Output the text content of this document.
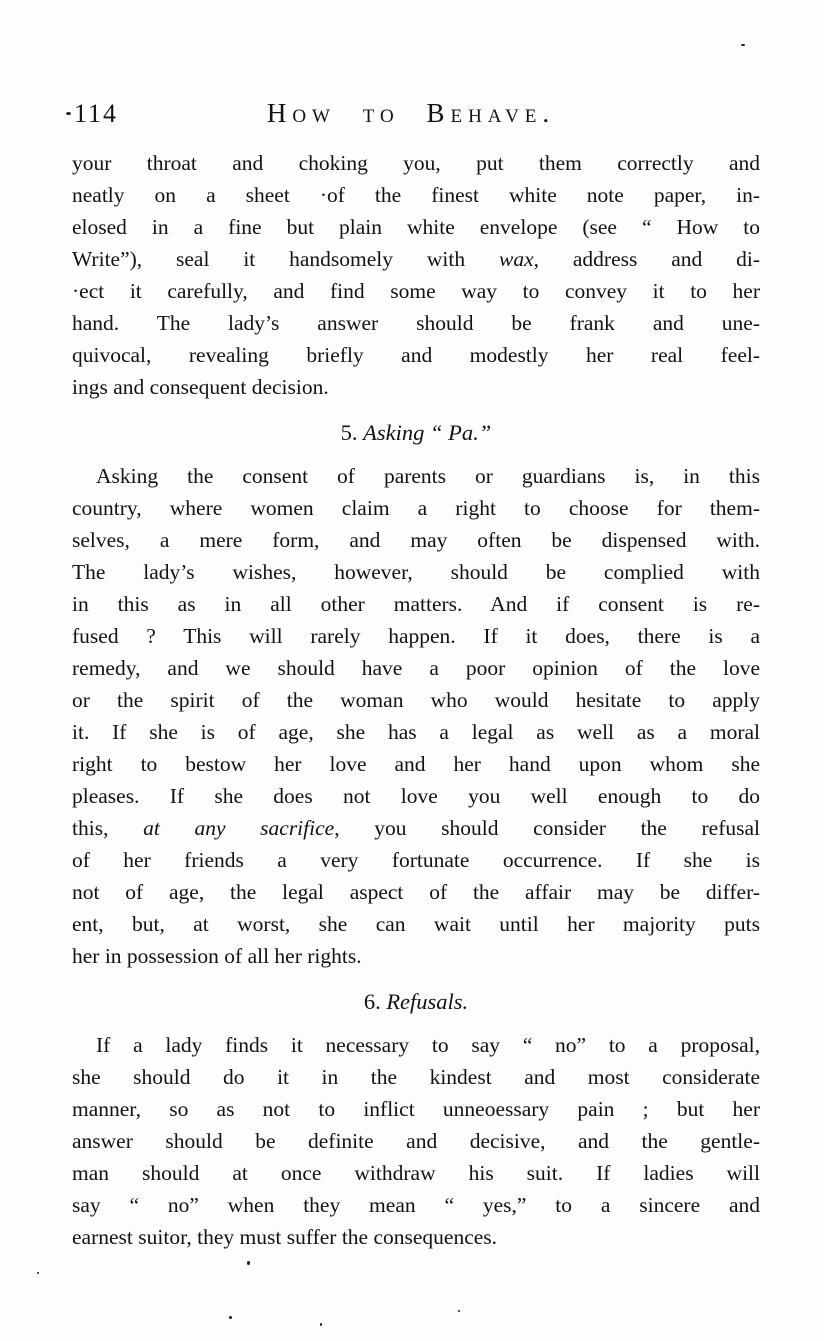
114	How to Behave.
your throat and choking you, put them correctly and
neatly on a sheet ·of the finest white note paper, in-
elosed in a fine but plain white envelope (see “ How to
Write”), seal it handsomely with wax, address and di-
·ect it carefully, and find some way to convey it to her
hand. The lady’s answer should be frank and une-
quivocal, revealing briefly and modestly her real feel-
ings and consequent decision.
5. Asking “ Pa.”
Asking the consent of parents or guardians is, in this
country, where women claim a right to choose for them-
selves, a mere form, and may often be dispensed with.
The lady’s wishes, however, should be complied with
in this as in all other matters. And if consent is re-
fused ? This will rarely happen. If it does, there is a
remedy, and we should have a poor opinion of the love
or the spirit of the woman who would hesitate to apply
it. If she is of age, she has a legal as well as a moral
right to bestow her love and her hand upon whom she
pleases. If she does not love you well enough to do
this, at any sacrifice, you should consider the refusal
of her friends a very fortunate occurrence. If she is
not of age, the legal aspect of the affair may be differ-
ent, but, at worst, she can wait until her majority puts
her in possession of all her rights.
6. Refusals.
If a lady finds it necessary to say “ no” to a proposal,
she should do it in the kindest and most considerate
manner, so as not to inflict unneoessary pain ; but her
answer should be definite and decisive, and the gentle-
man should at once withdraw his suit. If ladies will
say “ no” when they mean “ yes,” to a sincere and
earnest suitor, they must suffer the consequences.
